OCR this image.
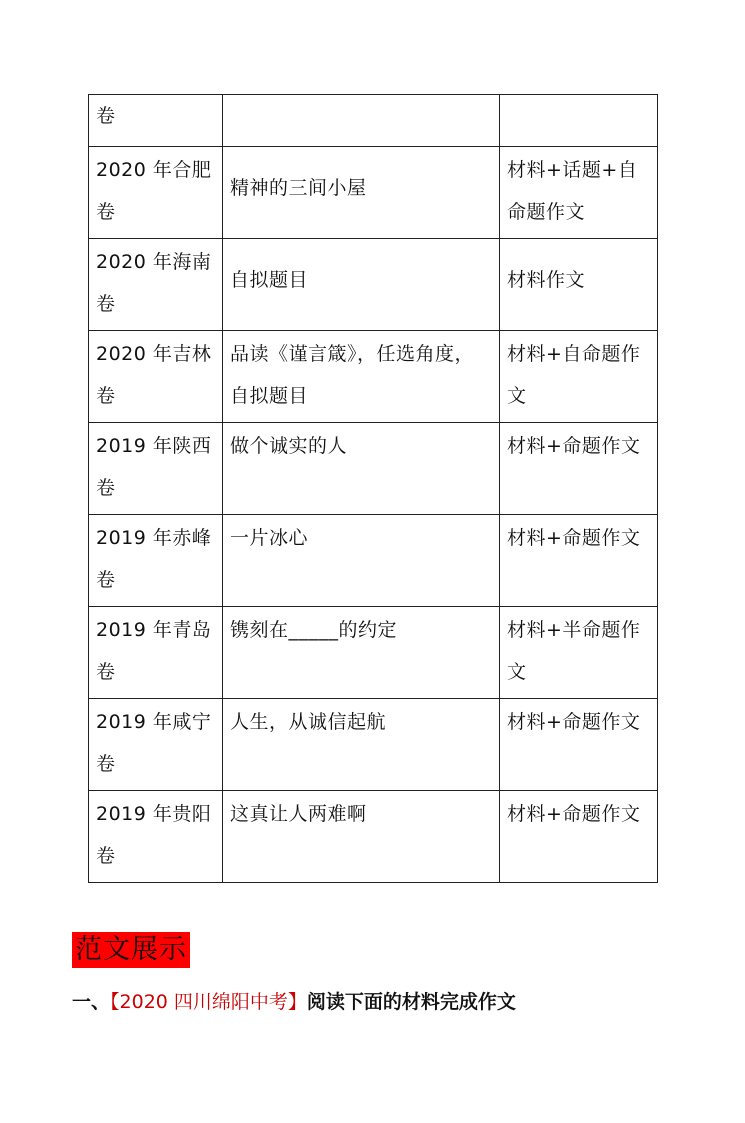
卷		
2020 年合肥卷	精神的三间小屋	材料+话题+自命题作文
2020 年海南卷	自拟题目	材料作文
2020 年吉林卷	品读《谨言箴》，任选角度，自拟题目	材料+自命题作文
2019 年陕西卷	做个诚实的人	材料+命题作文
2019 年赤峰卷	一片冰心	材料+命题作文
2019 年青岛卷	镌刻在_____的约定	材料+半命题作文
2019 年咸宁卷	人生，从诚信起航	材料+命题作文
2019 年贵阳卷	这真让人两难啊	材料+命题作文
范文展示
一、【2020 四川绵阳中考】阅读下面的材料完成作文
